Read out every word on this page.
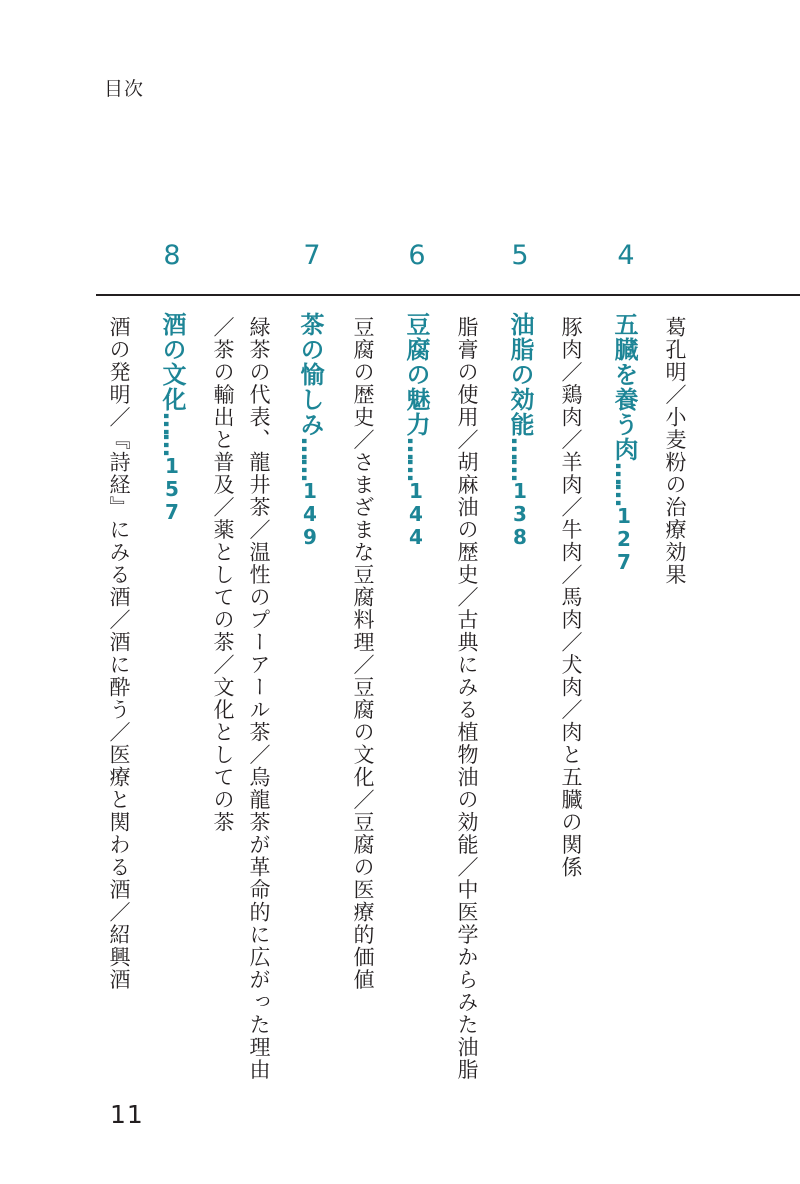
目次
4
5
6
7
8
葛孔明／小麦粉の治療効果
五臓を養う肉……127
豚肉／鶏肉／羊肉／牛肉／馬肉／犬肉／肉と五臓の関係
油脂の効能……138
脂膏の使用／胡麻油の歴史／古典にみる植物油の効能／中医学からみた油脂
豆腐の魅力……144
豆腐の歴史／さまざまな豆腐料理／豆腐の文化／豆腐の医療的価値
茶の愉しみ……149
緑茶の代表、龍井茶／温性のプーアール茶／烏龍茶が革命的に広がった理由
／茶の輸出と普及／薬としての茶／文化としての茶
酒の文化……157
酒の発明／『詩経』にみる酒／酒に酔う／医療と関わる酒／紹興酒
11
